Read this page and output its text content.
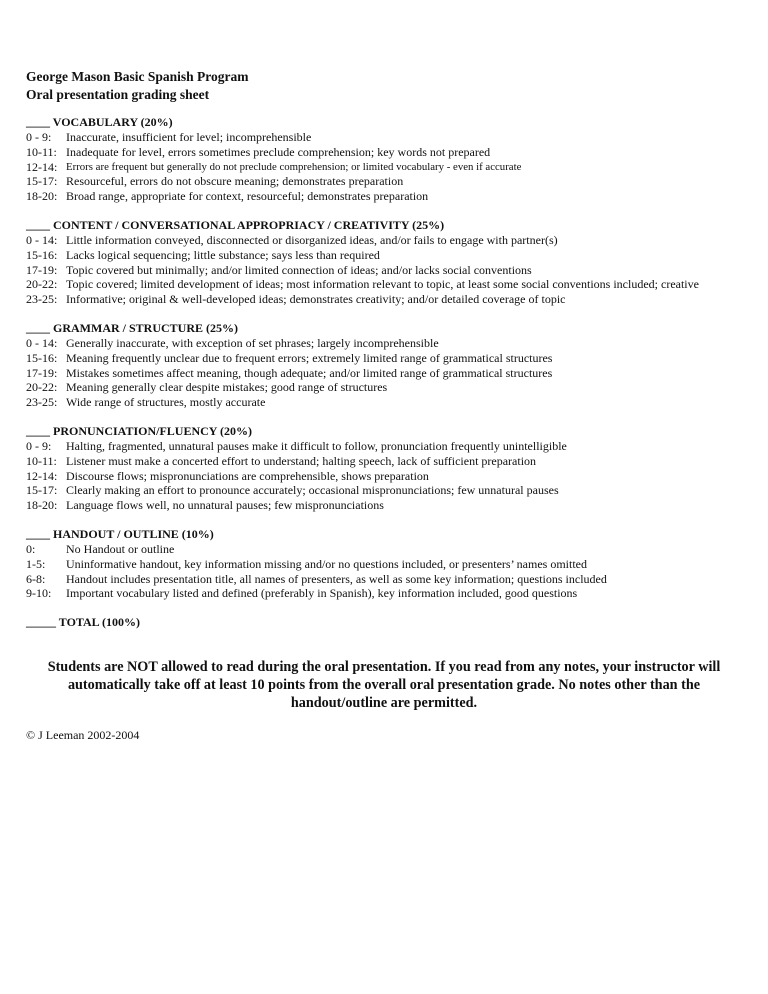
George Mason Basic Spanish Program
Oral presentation grading sheet
____ VOCABULARY (20%)
0 - 9:	Inaccurate, insufficient for level; incomprehensible
10-11: Inadequate for level, errors sometimes preclude comprehension; key words not prepared
12-14: Errors are frequent but generally do not preclude comprehension; or limited vocabulary - even if accurate
15-17: Resourceful, errors do not obscure meaning; demonstrates preparation
18-20: Broad range, appropriate for context, resourceful; demonstrates preparation
____ CONTENT / CONVERSATIONAL APPROPRIACY / CREATIVITY (25%)
0 - 14: Little information conveyed, disconnected or disorganized ideas, and/or fails to engage with partner(s)
15-16: Lacks logical sequencing; little substance; says less than required
17-19: Topic covered but minimally; and/or limited connection of ideas; and/or lacks social conventions
20-22: Topic covered; limited development of ideas; most information relevant to topic, at least some social conventions included; creative
23-25: Informative; original & well-developed ideas; demonstrates creativity; and/or detailed coverage of topic
____ GRAMMAR / STRUCTURE (25%)
0 - 14: Generally inaccurate, with exception of set phrases; largely incomprehensible
15-16: Meaning frequently unclear due to frequent errors; extremely limited range of grammatical structures
17-19: Mistakes sometimes affect meaning, though adequate; and/or limited range of grammatical structures
20-22: Meaning generally clear despite mistakes; good range of structures
23-25: Wide range of structures, mostly accurate
____ PRONUNCIATION/FLUENCY (20%)
0 - 9:	Halting, fragmented, unnatural pauses make it difficult to follow, pronunciation frequently unintelligible
10-11: Listener must make a concerted effort to understand; halting speech, lack of sufficient preparation
12-14: Discourse flows; mispronunciations are comprehensible, shows preparation
15-17: Clearly making an effort to pronounce accurately; occasional mispronunciations; few unnatural pauses
18-20: Language flows well, no unnatural pauses; few mispronunciations
____ HANDOUT / OUTLINE (10%)
0:	No Handout or outline
1-5:	Uninformative handout, key information missing and/or no questions included, or presenters’ names omitted
6-8:	Handout includes presentation title, all names of presenters, as well as some key information; questions included
9-10:	Important vocabulary listed and defined (preferably in Spanish), key information included, good questions
_____ TOTAL (100%)
Students are NOT allowed to read during the oral presentation. If you read from any notes, your instructor will automatically take off at least 10 points from the overall oral presentation grade. No notes other than the handout/outline are permitted.
© J Leeman 2002-2004
